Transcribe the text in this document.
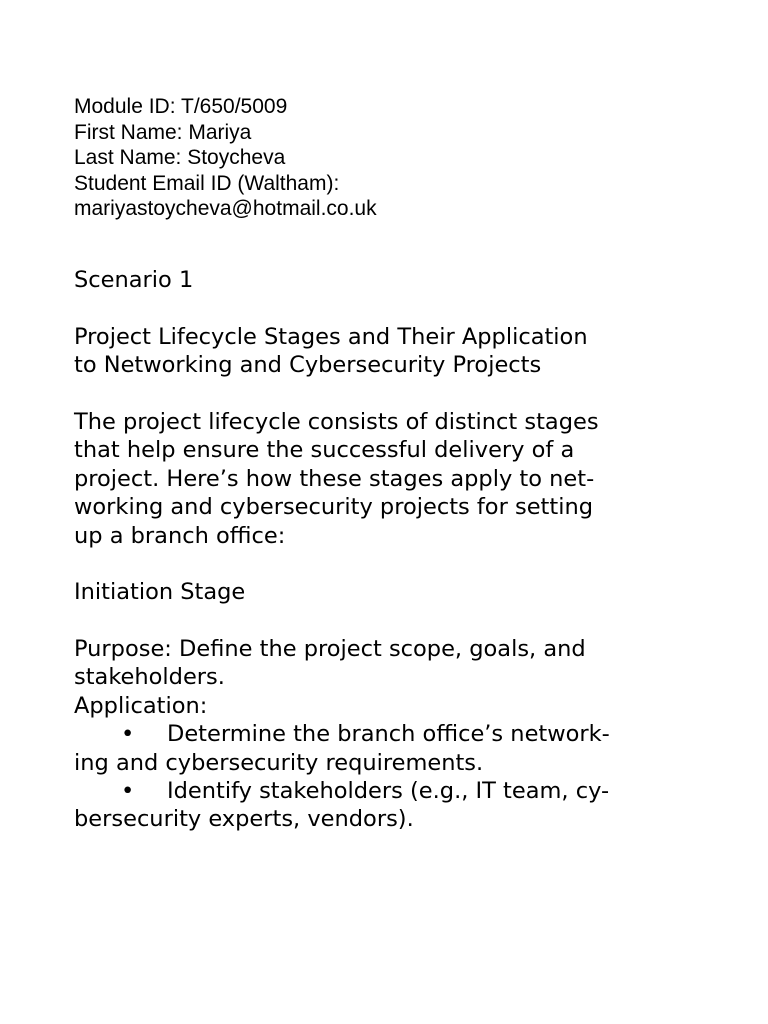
Module ID: T/650/5009
First Name: Mariya
Last Name: Stoycheva
Student Email ID (Waltham):
mariyastoycheva@hotmail.co.uk
Scenario 1
Project Lifecycle Stages and Their Application
to Networking and Cybersecurity Projects
The project lifecycle consists of distinct stages
that help ensure the successful delivery of a
project. Here’s how these stages apply to net-
working and cybersecurity projects for setting
up a branch office:
Initiation Stage
Purpose: Define the project scope, goals, and
stakeholders.
Application:
• Determine the branch office’s network-
ing and cybersecurity requirements.
• Identify stakeholders (e.g., IT team, cy-
bersecurity experts, vendors).
